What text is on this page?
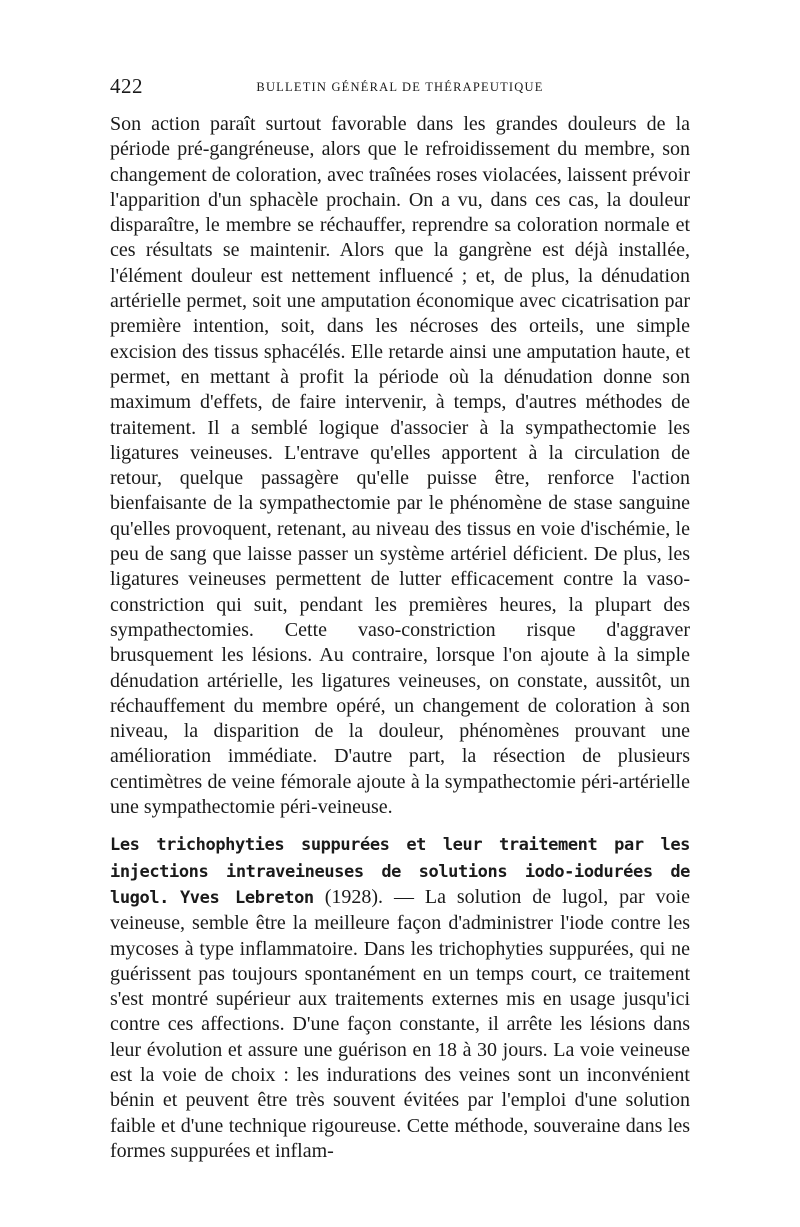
422	BULLETIN GÉNÉRAL DE THÉRAPEUTIQUE

Son action paraît surtout favorable dans les grandes douleurs de la période pré-gangréneuse, alors que le refroidissement du membre, son changement de coloration, avec traînées roses violacées, laissent prévoir l'apparition d'un sphacèle prochain. On a vu, dans ces cas, la douleur disparaître, le membre se réchauffer, reprendre sa coloration normale et ces résultats se maintenir. Alors que la gangrène est déjà installée, l'élément douleur est nettement influencé ; et, de plus, la dénudation artérielle permet, soit une amputation économique avec cicatrisation par première intention, soit, dans les nécroses des orteils, une simple excision des tissus sphacélés. Elle retarde ainsi une amputation haute, et permet, en mettant à profit la période où la dénudation donne son maximum d'effets, de faire intervenir, à temps, d'autres méthodes de traitement. Il a semblé logique d'associer à la sympathectomie les ligatures veineuses. L'entrave qu'elles apportent à la circulation de retour, quelque passagère qu'elle puisse être, renforce l'action bienfaisante de la sympathectomie par le phénomène de stase sanguine qu'elles provoquent, retenant, au niveau des tissus en voie d'ischémie, le peu de sang que laisse passer un système artériel déficient. De plus, les ligatures veineuses permettent de lutter efficacement contre la vaso-constriction qui suit, pendant les premières heures, la plupart des sympathectomies. Cette vaso-constriction risque d'aggraver brusquement les lésions. Au contraire, lorsque l'on ajoute à la simple dénudation artérielle, les ligatures veineuses, on constate, aussitôt, un réchauffement du membre opéré, un changement de coloration à son niveau, la disparition de la douleur, phénomènes prouvant une amélioration immédiate. D'autre part, la résection de plusieurs centimètres de veine fémorale ajoute à la sympathectomie péri-artérielle une sympathectomie péri-veineuse.

Les trichophyties suppurées et leur traitement par les injections intraveineuses de solutions iodo-iodurées de lugol. Yves Lebreton (1928). — La solution de lugol, par voie veineuse, semble être la meilleure façon d'administrer l'iode contre les mycoses à type inflammatoire. Dans les trichophyties suppurées, qui ne guérissent pas toujours spontanément en un temps court, ce traitement s'est montré supérieur aux traitements externes mis en usage jusqu'ici contre ces affections. D'une façon constante, il arrête les lésions dans leur évolution et assure une guérison en 18 à 30 jours. La voie veineuse est la voie de choix : les indurations des veines sont un inconvénient bénin et peuvent être très souvent évitées par l'emploi d'une solution faible et d'une technique rigoureuse. Cette méthode, souveraine dans les formes suppurées et inflam-
